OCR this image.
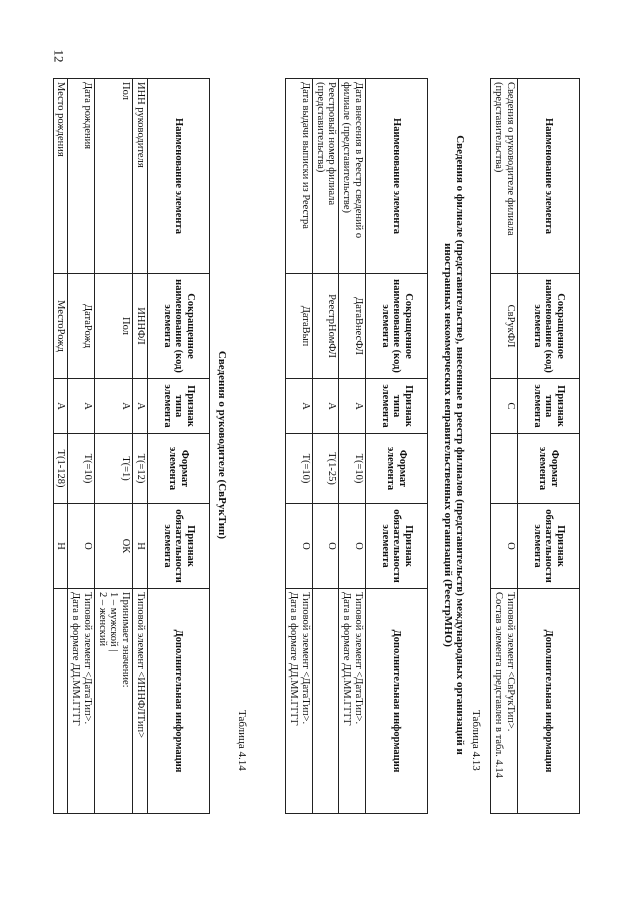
12
Наименование элемента	Сокращенное наименование (код) элемента	Признак типа элемента	Формат элемента	Признак обязательности элемента	Дополнительная информация
Сведения о руководителе филиала (представительства)	СвРукФЛ	С		О	Типовой элемент <СвРукТип>.
Состав элемента представлен в табл. 4.14
Таблица 4.13
Сведения о филиале (представительстве), внесенные в реестр филиалов (представительств) международных организаций и
иностранных некоммерческих неправительственных организаций (РеестрМНО)
Наименование элемента	Сокращенное наименование (код) элемента	Признак типа элемента	Формат элемента	Признак обязательности элемента	Дополнительная информация
Дата внесения в Реестр сведений о филиале (представительстве)	ДатаВнесФЛ	А	T(=10)	О	Типовой элемент <ДатаТип>.
Дата в формате ДД.ММ.ГГГГ

Реестровый номер филиала (представительства)	РеестрНомФЛ	А	T(1-25)	О	

Дата выдачи выписки из Реестра	ДатаВып	А	T(=10)	О	Типовой элемент <ДатаТип>.
Дата в формате ДД.ММ.ГГГГ
Таблица 4.14
Сведения о руководителе (СвРукТип)
Наименование элемента	Сокращенное наименование (код) элемента	Признак типа элемента	Формат элемента	Признак обязательности элемента	Дополнительная информация
ИНН руководителя	ИННФЛ	А	T(=12)	Н	Типовой элемент <ИННФЛТип>

Пол	Пол	А	T(=1)	ОК	Принимает значение:
1 – мужской |
2 – женский

Дата рождения	ДатаРожд	А	T(=10)	О	Типовой элемент <ДатаТип>.
Дата в формате ДД.ММ.ГГГГ

Место рождения	МестоРожд	А	T(1-128)	Н	
